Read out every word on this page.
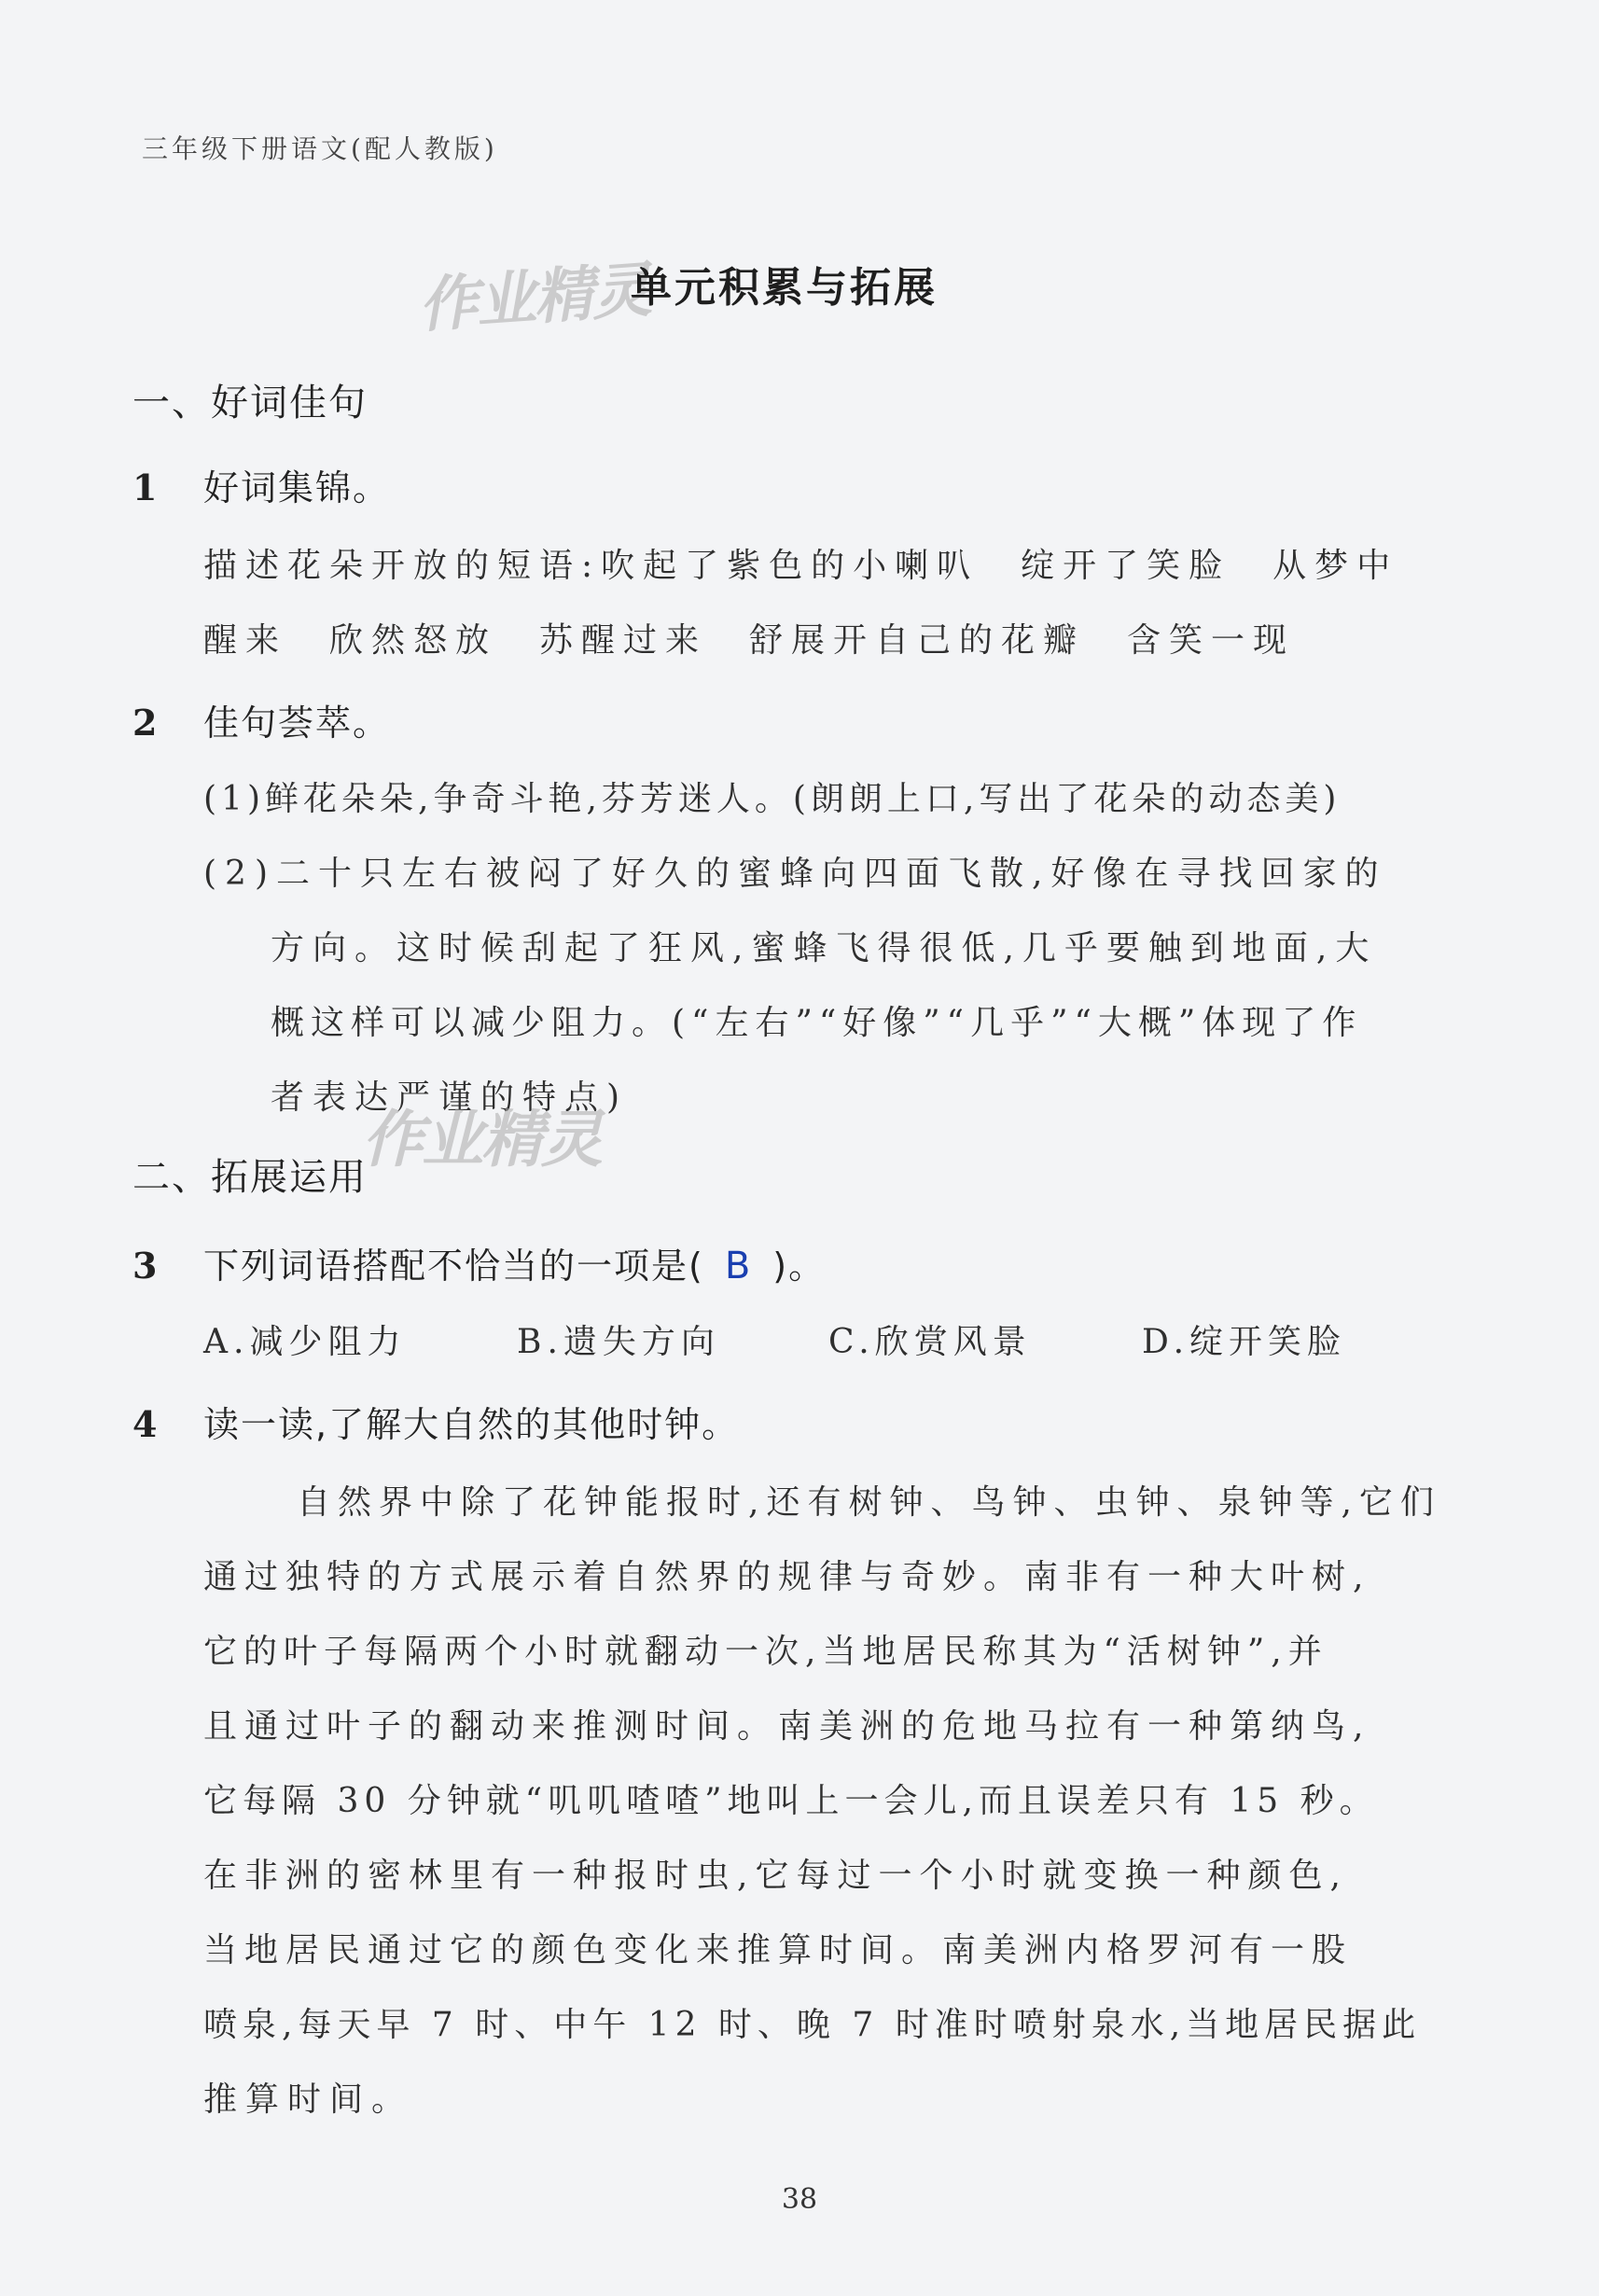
三年级下册语文(配人教版)
作业精灵
单元积累与拓展
一、好词佳句
1 好词集锦。
描述花朵开放的短语:吹起了紫色的小喇叭　绽开了笑脸　从梦中
醒来　欣然怒放　苏醒过来　舒展开自己的花瓣　含笑一现
2 佳句荟萃。
(1)鲜花朵朵,争奇斗艳,芬芳迷人。(朗朗上口,写出了花朵的动态美)
(2)二十只左右被闷了好久的蜜蜂向四面飞散,好像在寻找回家的
方向。这时候刮起了狂风,蜜蜂飞得很低,几乎要触到地面,大
概这样可以减少阻力。(“左右”“好像”“几乎”“大概”体现了作
者表达严谨的特点)
二、拓展运用
作业精灵
3 下列词语搭配不恰当的一项是( B )。
A.减少阻力	B.遗失方向	C.欣赏风景	D.绽开笑脸
4 读一读,了解大自然的其他时钟。
自然界中除了花钟能报时,还有树钟、鸟钟、虫钟、泉钟等,它们
通过独特的方式展示着自然界的规律与奇妙。南非有一种大叶树,
它的叶子每隔两个小时就翻动一次,当地居民称其为“活树钟”,并
且通过叶子的翻动来推测时间。南美洲的危地马拉有一种第纳鸟,
它每隔 30 分钟就“叽叽喳喳”地叫上一会儿,而且误差只有 15 秒。
在非洲的密林里有一种报时虫,它每过一个小时就变换一种颜色,
当地居民通过它的颜色变化来推算时间。南美洲内格罗河有一股
喷泉,每天早 7 时、中午 12 时、晚 7 时准时喷射泉水,当地居民据此
推算时间。
38
